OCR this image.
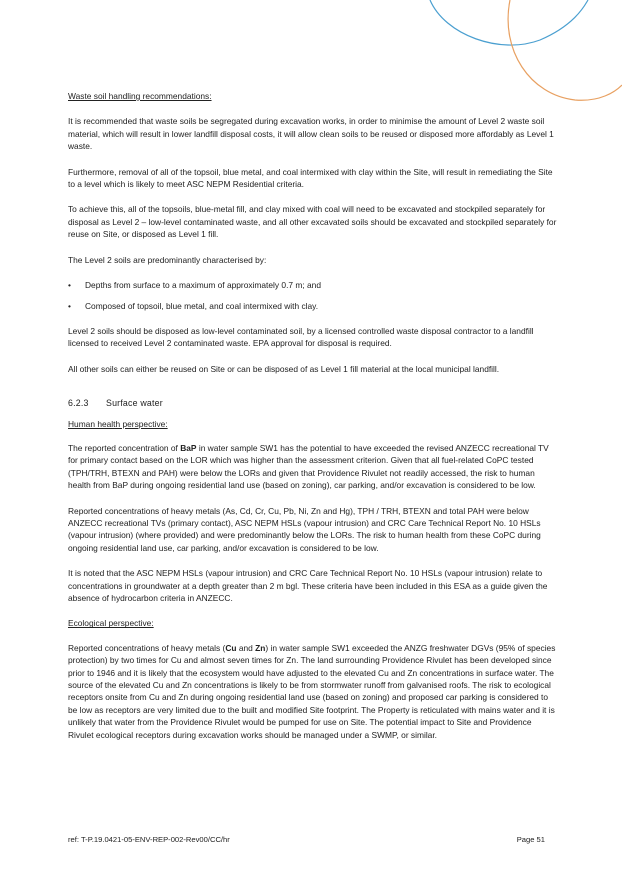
Waste soil handling recommendations:

It is recommended that waste soils be segregated during excavation works, in order to minimise the amount of Level 2 waste soil material, which will result in lower landfill disposal costs, it will allow clean soils to be reused or disposed more affordably as Level 1 waste.

Furthermore, removal of all of the topsoil, blue metal, and coal intermixed with clay within the Site, will result in remediating the Site to a level which is likely to meet ASC NEPM Residential criteria.

To achieve this, all of the topsoils, blue-metal fill, and clay mixed with coal will need to be excavated and stockpiled separately for disposal as Level 2 – low-level contaminated waste, and all other excavated soils should be excavated and stockpiled separately for reuse on Site, or disposed as Level 1 fill.

The Level 2 soils are predominantly characterised by:

• Depths from surface to a maximum of approximately 0.7 m; and
• Composed of topsoil, blue metal, and coal intermixed with clay.

Level 2 soils should be disposed as low-level contaminated soil, by a licensed controlled waste disposal contractor to a landfill licensed to received Level 2 contaminated waste. EPA approval for disposal is required.

All other soils can either be reused on Site or can be disposed of as Level 1 fill material at the local municipal landfill.

6.2.3 Surface water
Human health perspective:

The reported concentration of BaP in water sample SW1 has the potential to have exceeded the revised ANZECC recreational TV for primary contact based on the LOR which was higher than the assessment criterion. Given that all fuel-related CoPC tested (TPH/TRH, BTEXN and PAH) were below the LORs and given that Providence Rivulet not readily accessed, the risk to human health from BaP during ongoing residential land use (based on zoning), car parking, and/or excavation is considered to be low.

Reported concentrations of heavy metals (As, Cd, Cr, Cu, Pb, Ni, Zn and Hg), TPH / TRH, BTEXN and total PAH were below ANZECC recreational TVs (primary contact), ASC NEPM HSLs (vapour intrusion) and CRC Care Technical Report No. 10 HSLs (vapour intrusion) (where provided) and were predominantly below the LORs. The risk to human health from these CoPC during ongoing residential land use, car parking, and/or excavation is considered to be low.

It is noted that the ASC NEPM HSLs (vapour intrusion) and CRC Care Technical Report No. 10 HSLs (vapour intrusion) relate to concentrations in groundwater at a depth greater than 2 m bgl. These criteria have been included in this ESA as a guide given the absence of hydrocarbon criteria in ANZECC.

Ecological perspective:

Reported concentrations of heavy metals (Cu and Zn) in water sample SW1 exceeded the ANZG freshwater DGVs (95% of species protection) by two times for Cu and almost seven times for Zn. The land surrounding Providence Rivulet has been developed since prior to 1946 and it is likely that the ecosystem would have adjusted to the elevated Cu and Zn concentrations in surface water. The source of the elevated Cu and Zn concentrations is likely to be from stormwater runoff from galvanised roofs. The risk to ecological receptors onsite from Cu and Zn during ongoing residential land use (based on zoning) and proposed car parking is considered to be low as receptors are very limited due to the built and modified Site footprint. The Property is reticulated with mains water and it is unlikely that water from the Providence Rivulet would be pumped for use on Site. The potential impact to Site and Providence Rivulet ecological receptors during excavation works should be managed under a SWMP, or similar.

ref: T-P.19.0421-05-ENV-REP-002-Rev00/CC/hr	Page 51
